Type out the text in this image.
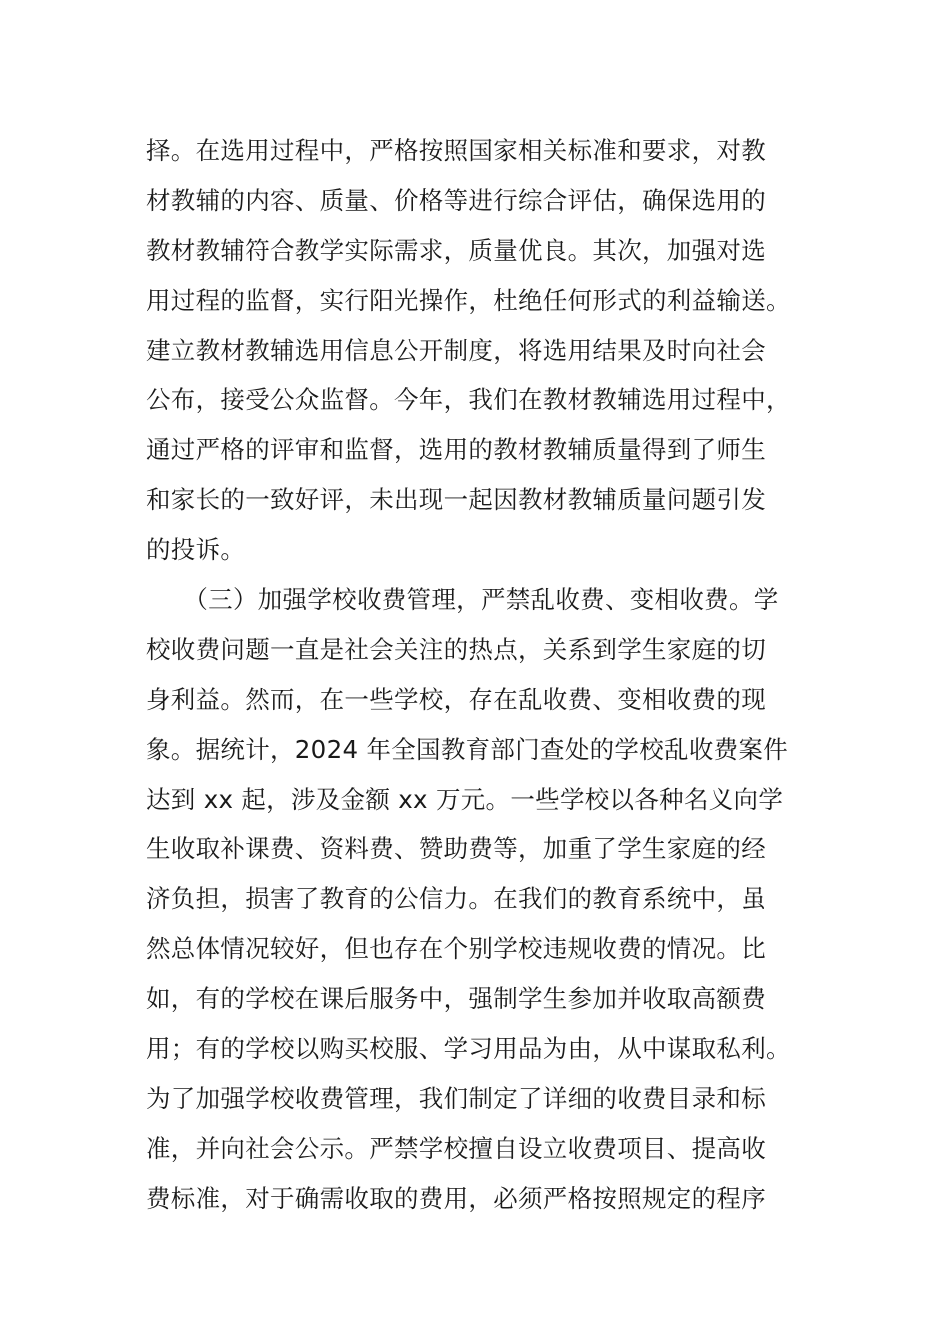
择。在选用过程中，严格按照国家相关标准和要求，对教
材教辅的内容、质量、价格等进行综合评估，确保选用的
教材教辅符合教学实际需求，质量优良。其次，加强对选
用过程的监督，实行阳光操作，杜绝任何形式的利益输送。
建立教材教辅选用信息公开制度，将选用结果及时向社会
公布，接受公众监督。今年，我们在教材教辅选用过程中，
通过严格的评审和监督，选用的教材教辅质量得到了师生
和家长的一致好评，未出现一起因教材教辅质量问题引发
的投诉。
　　（三）加强学校收费管理，严禁乱收费、变相收费。学
校收费问题一直是社会关注的热点，关系到学生家庭的切
身利益。然而，在一些学校，存在乱收费、变相收费的现
象。据统计，2024 年全国教育部门查处的学校乱收费案件
达到 xx 起，涉及金额 xx 万元。一些学校以各种名义向学
生收取补课费、资料费、赞助费等，加重了学生家庭的经
济负担，损害了教育的公信力。在我们的教育系统中，虽
然总体情况较好，但也存在个别学校违规收费的情况。比
如，有的学校在课后服务中，强制学生参加并收取高额费
用；有的学校以购买校服、学习用品为由，从中谋取私利。
为了加强学校收费管理，我们制定了详细的收费目录和标
准，并向社会公示。严禁学校擅自设立收费项目、提高收
费标准，对于确需收取的费用，必须严格按照规定的程序
